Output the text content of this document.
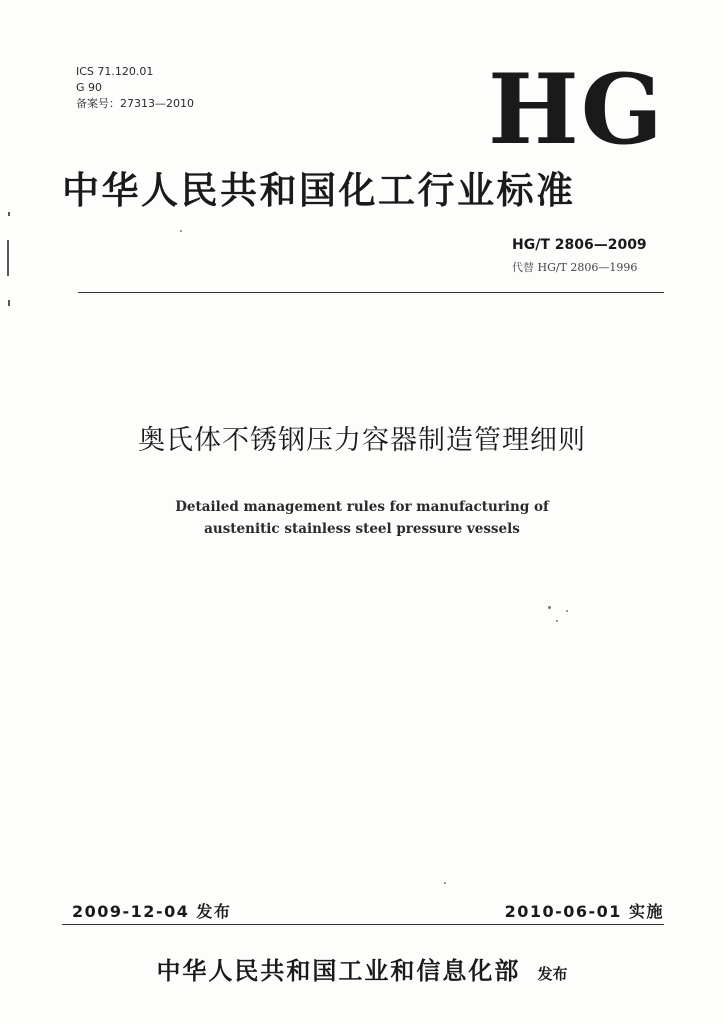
ICS 71.120.01
G 90
备案号：27313—2010	HG
中华人民共和国化工行业标准
HG/T 2806—2009
代替 HG/T 2806—1996
奥氏体不锈钢压力容器制造管理细则
Detailed management rules for manufacturing of
austenitic stainless steel pressure vessels
2009-12-04 发布	2010-06-01 实施
中华人民共和国工业和信息化部 发布
